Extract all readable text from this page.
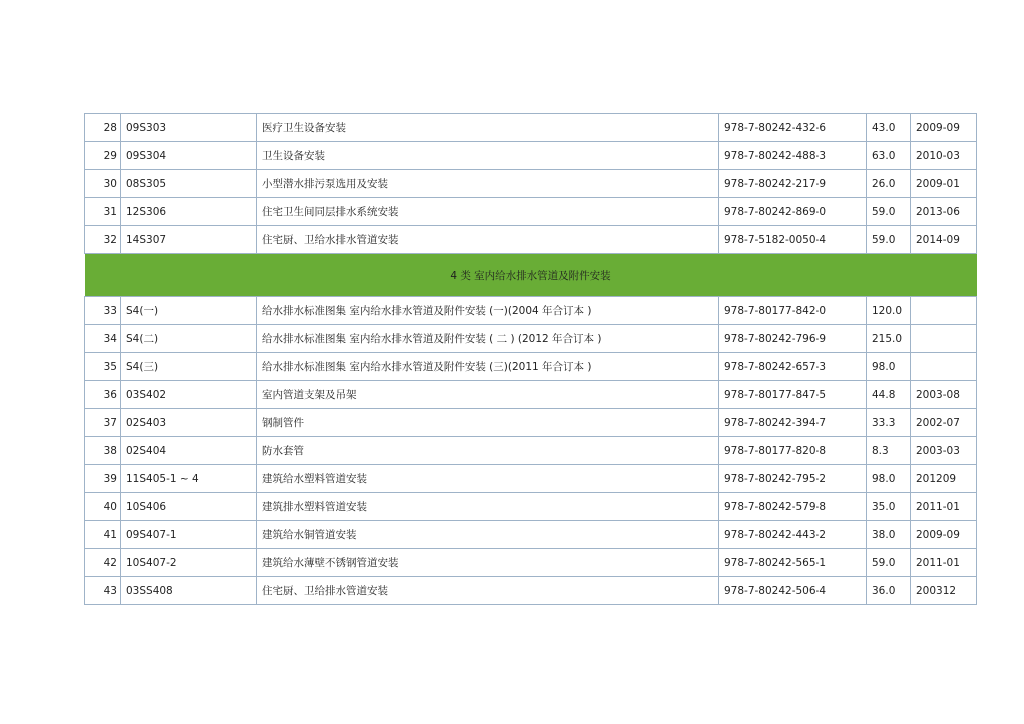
28	09S303	医疗卫生设备安装	978-7-80242-432-6	43.0	2009-09
29	09S304	卫生设备安装	978-7-80242-488-3	63.0	2010-03
30	08S305	小型潜水排污泵选用及安装	978-7-80242-217-9	26.0	2009-01
31	12S306	住宅卫生间同层排水系统安装	978-7-80242-869-0	59.0	2013-06
32	14S307	住宅厨、卫给水排水管道安装	978-7-5182-0050-4	59.0	2014-09
4 类 室内给水排水管道及附件安装					
33	S4(一)	给水排水标准图集 室内给水排水管道及附件安装 (一)(2004 年合订本 )	978-7-80177-842-0	120.0	
34	S4(二)	给水排水标准图集 室内给水排水管道及附件安装 ( 二 ) (2012 年合订本 )	978-7-80242-796-9	215.0	
35	S4(三)	给水排水标准图集 室内给水排水管道及附件安装 (三)(2011 年合订本 )	978-7-80242-657-3	98.0	
36	03S402	室内管道支架及吊架	978-7-80177-847-5	44.8	2003-08
37	02S403	钢制管件	978-7-80242-394-7	33.3	2002-07
38	02S404	防水套管	978-7-80177-820-8	8.3	2003-03
39	11S405-1 ~ 4	建筑给水塑料管道安装	978-7-80242-795-2	98.0	201209
40	10S406	建筑排水塑料管道安装	978-7-80242-579-8	35.0	2011-01
41	09S407-1	建筑给水铜管道安装	978-7-80242-443-2	38.0	2009-09
42	10S407-2	建筑给水薄壁不锈钢管道安装	978-7-80242-565-1	59.0	2011-01
43	03SS408	住宅厨、卫给排水管道安装	978-7-80242-506-4	36.0	200312
